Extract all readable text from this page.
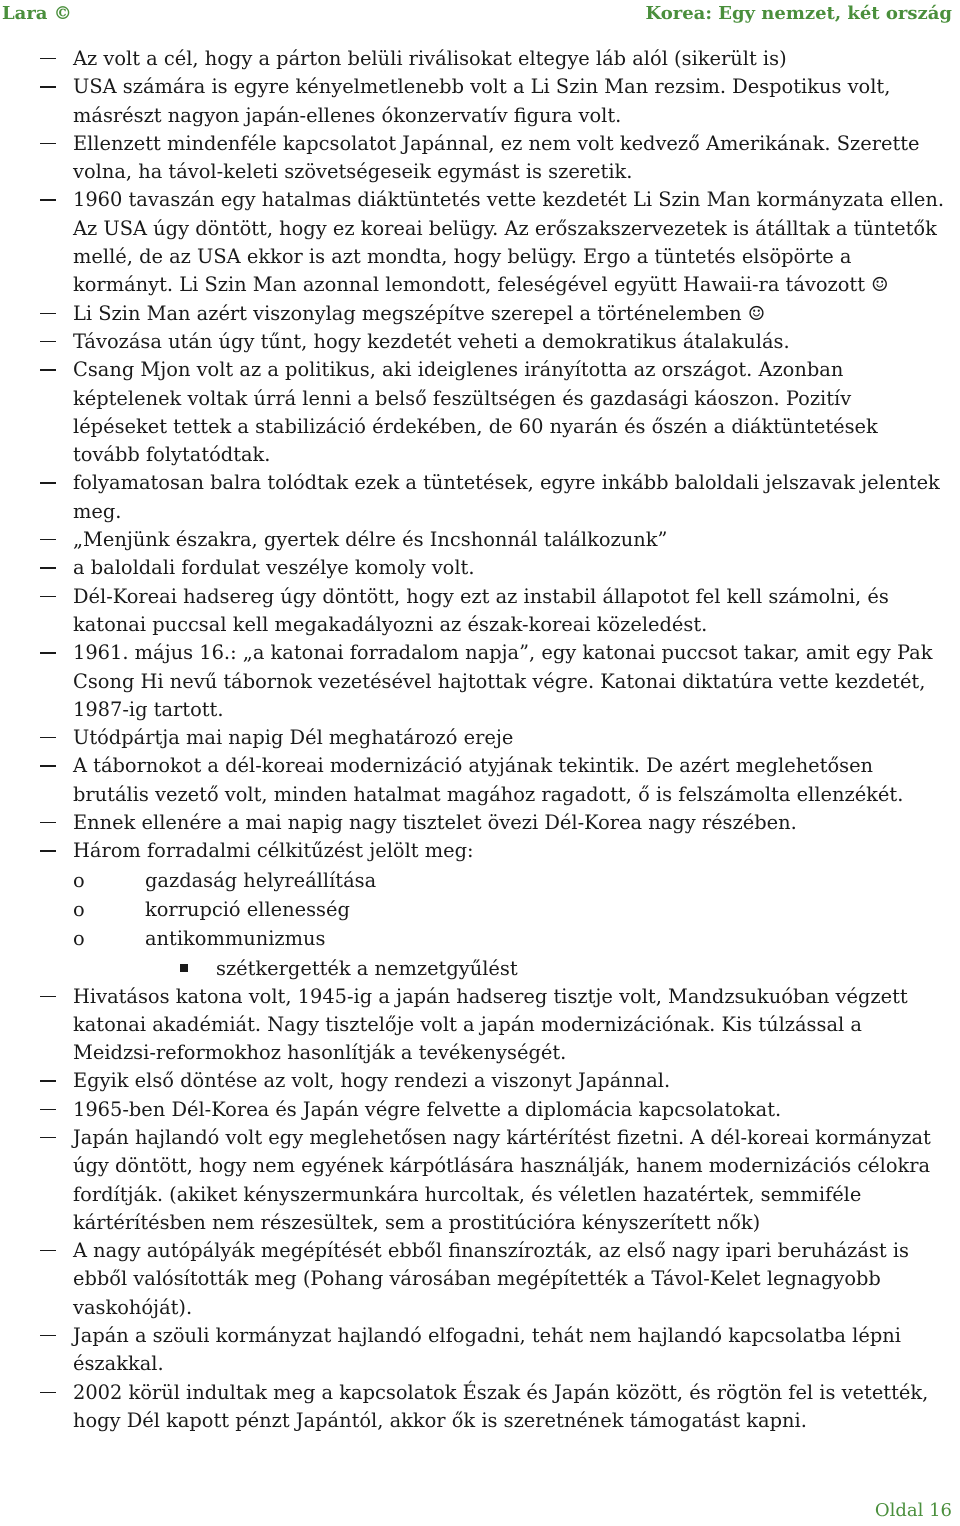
Lara ©	Korea: Egy nemzet, két ország
Az volt a cél, hogy a párton belüli riválisokat eltegye láb alól (sikerült is)
USA számára is egyre kényelmetlenebb volt a Li Szin Man rezsim. Despotikus volt, másrészt nagyon japán-ellenes ókonzervatív figura volt.
Ellenzett mindenféle kapcsolatot Japánnal, ez nem volt kedvező Amerikának. Szerette volna, ha távol-keleti szövetségeseik egymást is szeretik.
1960 tavaszán egy hatalmas diáktüntetés vette kezdetét Li Szin Man kormányzata ellen. Az USA úgy döntött, hogy ez koreai belügy. Az erőszakszervezetek is átálltak a tüntetők mellé, de az USA ekkor is azt mondta, hogy belügy. Ergo a tüntetés elsöpörte a kormányt. Li Szin Man azonnal lemondott, feleségével együtt Hawaii-ra távozott ☺
Li Szin Man azért viszonylag megszépítve szerepel a történelemben ☺
Távozása után úgy tűnt, hogy kezdetét veheti a demokratikus átalakulás.
Csang Mjon volt az a politikus, aki ideiglenes irányította az országot. Azonban képtelenek voltak úrrá lenni a belső feszültségen és gazdasági káoszon. Pozitív lépéseket tettek a stabilizáció érdekében, de 60 nyarán és őszén a diáktüntetések tovább folytatódtak.
folyamatosan balra tolódtak ezek a tüntetések, egyre inkább baloldali jelszavak jelentek meg.
„Menjünk északra, gyertek délre és Incshonnál találkozunk”
a baloldali fordulat veszélye komoly volt.
Dél-Koreai hadsereg úgy döntött, hogy ezt az instabil állapotot fel kell számolni, és katonai puccsal kell megakadályozni az észak-koreai közeledést.
1961. május 16.: „a katonai forradalom napja”, egy katonai puccsot takar, amit egy Pak Csong Hi nevű tábornok vezetésével hajtottak végre. Katonai diktatúra vette kezdetét, 1987-ig tartott.
Utódpártja mai napig Dél meghatározó ereje
A tábornokot a dél-koreai modernizáció atyjának tekintik. De azért meglehetősen brutális vezető volt, minden hatalmat magához ragadott, ő is felszámolta ellenzékét.
Ennek ellenére a mai napig nagy tisztelet övezi Dél-Korea nagy részében.
Három forradalmi célkitűzést jelölt meg:
o	gazdaság helyreállítása
o	korrupció ellenesség
o	antikommunizmus
szétkergették a nemzetgyűlést
Hivatásos katona volt, 1945-ig a japán hadsereg tisztje volt, Mandzsukuóban végzett katonai akadémiát. Nagy tisztelője volt a japán modernizációnak. Kis túlzással a Meidzsi-reformokhoz hasonlítják a tevékenységét.
Egyik első döntése az volt, hogy rendezi a viszonyt Japánnal.
1965-ben Dél-Korea és Japán végre felvette a diplomácia kapcsolatokat.
Japán hajlandó volt egy meglehetősen nagy kártérítést fizetni. A dél-koreai kormányzat úgy döntött, hogy nem egyének kárpótlására használják, hanem modernizációs célokra fordítják. (akiket kényszermunkára hurcoltak, és véletlen hazatértek, semmiféle kártérítésben nem részesültek, sem a prostitúcióra kényszerített nők)
A nagy autópályák megépítését ebből finanszírozták, az első nagy ipari beruházást is ebből valósították meg (Pohang városában megépítették a Távol-Kelet legnagyobb vaskohóját).
Japán a szöuli kormányzat hajlandó elfogadni, tehát nem hajlandó kapcsolatba lépni északkal.
2002 körül indultak meg a kapcsolatok Észak és Japán között, és rögtön fel is vetették, hogy Dél kapott pénzt Japántól, akkor ők is szeretnének támogatást kapni.
Oldal 16
